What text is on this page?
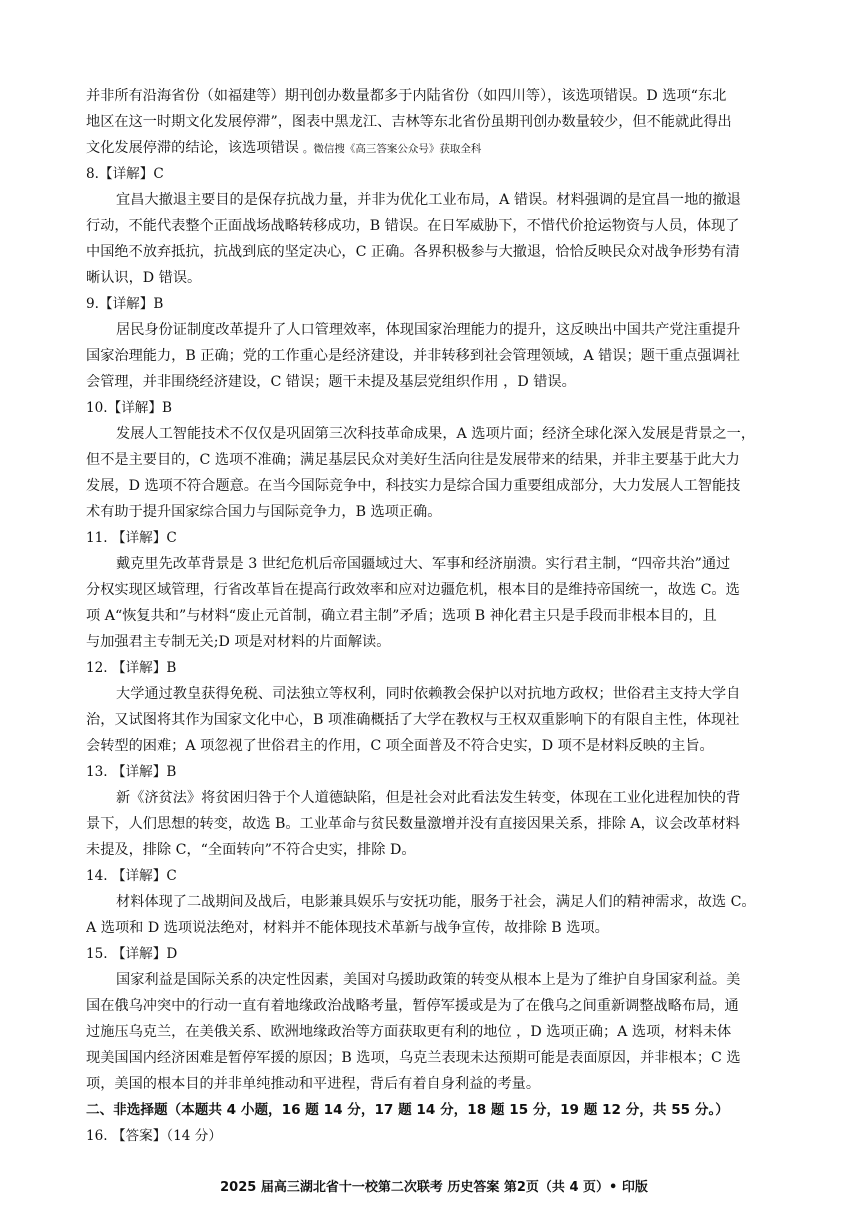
并非所有沿海省份（如福建等）期刊创办数量都多于内陆省份（如四川等），该选项错误。D 选项“东北
地区在这一时期文化发展停滞”，图表中黑龙江、吉林等东北省份虽期刊创办数量较少，但不能就此得出
文化发展停滞的结论，该选项错误 。微信搜《高三答案公众号》获取全科
8.【详解】C
宜昌大撤退主要目的是保存抗战力量，并非为优化工业布局，A 错误。材料强调的是宜昌一地的撤退
行动，不能代表整个正面战场战略转移成功，B 错误。在日军威胁下，不惜代价抢运物资与人员，体现了
中国绝不放弃抵抗，抗战到底的坚定决心，C 正确。各界积极参与大撤退，恰恰反映民众对战争形势有清
晰认识，D 错误。
9.【详解】B
居民身份证制度改革提升了人口管理效率，体现国家治理能力的提升，这反映出中国共产党注重提升
国家治理能力，B 正确；党的工作重心是经济建设，并非转移到社会管理领域，A 错误；题干重点强调社
会管理，并非围绕经济建设，C 错误；题干未提及基层党组织作用 ，D 错误。
10.【详解】B
发展人工智能技术不仅仅是巩固第三次科技革命成果，A 选项片面；经济全球化深入发展是背景之一，
但不是主要目的，C 选项不准确；满足基层民众对美好生活向往是发展带来的结果，并非主要基于此大力
发展，D 选项不符合题意。在当今国际竞争中，科技实力是综合国力重要组成部分，大力发展人工智能技
术有助于提升国家综合国力与国际竞争力，B 选项正确。
11. 【详解】C
戴克里先改革背景是 3 世纪危机后帝国疆域过大、军事和经济崩溃。实行君主制，“四帝共治”通过
分权实现区域管理，行省改革旨在提高行政效率和应对边疆危机，根本目的是维持帝国统一，故选 C。选
项 A“恢复共和”与材料“废止元首制，确立君主制”矛盾；选项 B 神化君主只是手段而非根本目的，且
与加强君主专制无关;D 项是对材料的片面解读。
12. 【详解】B
大学通过教皇获得免税、司法独立等权利，同时依赖教会保护以对抗地方政权；世俗君主支持大学自
治，又试图将其作为国家文化中心，B 项准确概括了大学在教权与王权双重影响下的有限自主性，体现社
会转型的困难；A 项忽视了世俗君主的作用，C 项全面普及不符合史实，D 项不是材料反映的主旨。
13. 【详解】B
新《济贫法》将贫困归咎于个人道德缺陷，但是社会对此看法发生转变，体现在工业化进程加快的背
景下，人们思想的转变，故选 B。工业革命与贫民数量激增并没有直接因果关系，排除 A，议会改革材料
未提及，排除 C，“全面转向”不符合史实，排除 D。
14. 【详解】C
材料体现了二战期间及战后，电影兼具娱乐与安抚功能，服务于社会，满足人们的精神需求，故选 C。
A 选项和 D 选项说法绝对，材料并不能体现技术革新与战争宣传，故排除 B 选项。
15. 【详解】D
国家利益是国际关系的决定性因素，美国对乌援助政策的转变从根本上是为了维护自身国家利益。美
国在俄乌冲突中的行动一直有着地缘政治战略考量，暂停军援或是为了在俄乌之间重新调整战略布局，通
过施压乌克兰，在美俄关系、欧洲地缘政治等方面获取更有利的地位 ，D 选项正确；A 选项，材料未体
现美国国内经济困难是暂停军援的原因；B 选项，乌克兰表现未达预期可能是表面原因，并非根本；C 选
项，美国的根本目的并非单纯推动和平进程，背后有着自身利益的考量。
二、非选择题（本题共 4 小题，16 题 14 分，17 题 14 分，18 题 15 分，19 题 12 分，共 55 分。）
16. 【答案】（14 分）
2025 届高三湖北省十一校第二次联考 历史答案 第2页（共 4 页）• 印版
